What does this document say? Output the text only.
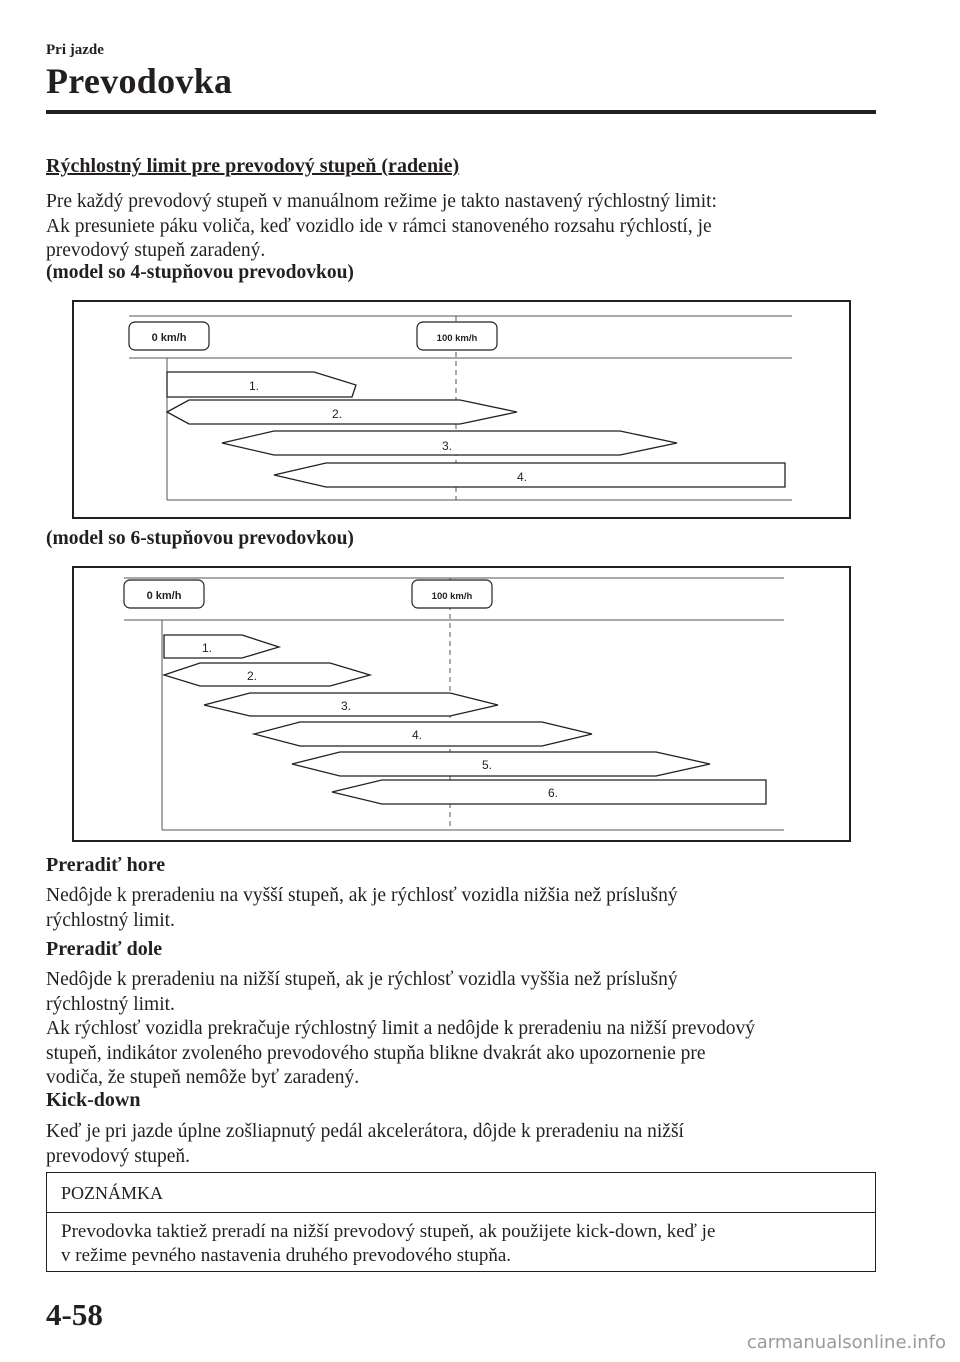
Pri jazde
Prevodovka
Rýchlostný limit pre prevodový stupeň (radenie)
Pre každý prevodový stupeň v manuálnom režime je takto nastavený rýchlostný limit:
Ak presuniete páku voliča, keď vozidlo ide v rámci stanoveného rozsahu rýchlostí, je
prevodový stupeň zaradený.
(model so 4-stupňovou prevodovkou)
0 km/h	100 km/h
1.
2.
3.
4.
(model so 6-stupňovou prevodovkou)
0 km/h	100 km/h
1.
2.
3.
4.
5.
6.
Preradiť hore
Nedôjde k preradeniu na vyšší stupeň, ak je rýchlosť vozidla nižšia než príslušný
rýchlostný limit.
Preradiť dole
Nedôjde k preradeniu na nižší stupeň, ak je rýchlosť vozidla vyššia než príslušný
rýchlostný limit.
Ak rýchlosť vozidla prekračuje rýchlostný limit a nedôjde k preradeniu na nižší prevodový
stupeň, indikátor zvoleného prevodového stupňa blikne dvakrát ako upozornenie pre
vodiča, že stupeň nemôže byť zaradený.
Kick-down
Keď je pri jazde úplne zošliapnutý pedál akcelerátora, dôjde k preradeniu na nižší
prevodový stupeň.
POZNÁMKA
Prevodovka taktiež preradí na nižší prevodový stupeň, ak použijete kick-down, keď je
v režime pevného nastavenia druhého prevodového stupňa.
4-58
carmanualsonline.info
